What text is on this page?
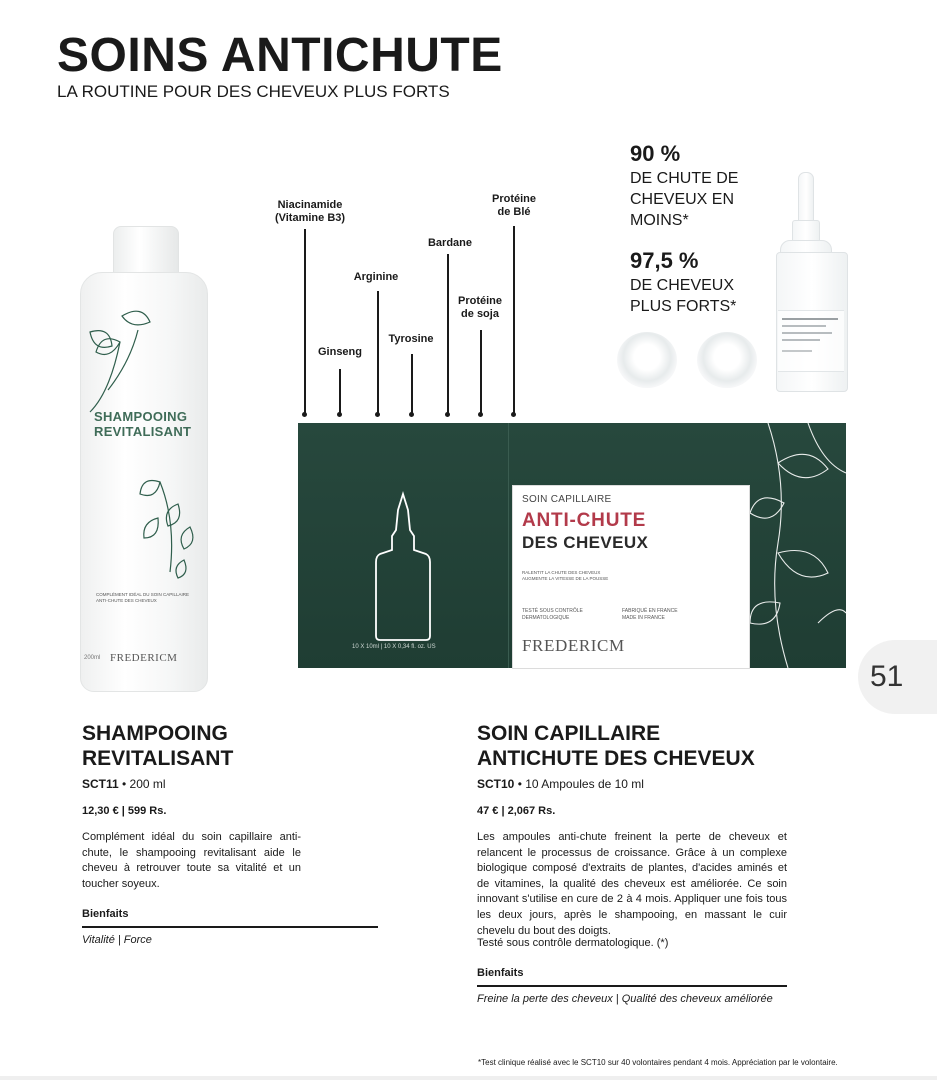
SOINS ANTICHUTE
LA ROUTINE POUR DES CHEVEUX PLUS FORTS
Niacinamide
(Vitamine B3)
Ginseng
Arginine
Tyrosine
Bardane
Protéine
de soja
Protéine
de Blé
90 %
DE CHUTE DE
CHEVEUX EN
MOINS*
97,5 %
DE CHEVEUX
PLUS FORTS*
SHAMPOOING
REVITALISANT
COMPLÉMENT IDÉAL DU SOIN CAPILLAIRE
ANTI-CHUTE DES CHEVEUX
FREDERICM
200ml
10 X 10ml | 10 X 0,34 fl. oz. US
SOIN CAPILLAIRE
ANTI-CHUTE
DES CHEVEUX
RALENTIT LA CHUTE DES CHEVEUX
AUGMENTE LA VITESSE DE LA POUSSE
TESTÉ SOUS CONTRÔLE
DERMATOLOGIQUE
FABRIQUÉ EN FRANCE
MADE IN FRANCE
FREDERICM
51
SHAMPOOING
REVITALISANT
SCT11 • 200 ml
12,30 € | 599 Rs.
Complément idéal du soin capillaire anti-chute, le shampooing revitalisant aide le cheveu à retrouver toute sa vitalité et un toucher soyeux.
Bienfaits
Vitalité | Force
SOIN CAPILLAIRE
ANTICHUTE DES CHEVEUX
SCT10 • 10 Ampoules de 10 ml
47 € | 2,067 Rs.
Les ampoules anti-chute freinent la perte de cheveux et relancent le processus de croissance. Grâce à un complexe biologique composé d'extraits de plantes, d'acides aminés et de vitamines, la qualité des cheveux est améliorée. Ce soin innovant s'utilise en cure de 2 à 4 mois. Appliquer une fois tous les deux jours, après le shampooing, en massant le cuir chevelu du bout des doigts.
Testé sous contrôle dermatologique. (*)
Bienfaits
Freine la perte des cheveux | Qualité des cheveux améliorée
*Test clinique réalisé avec le SCT10 sur 40 volontaires pendant 4 mois. Appréciation par le volontaire.
